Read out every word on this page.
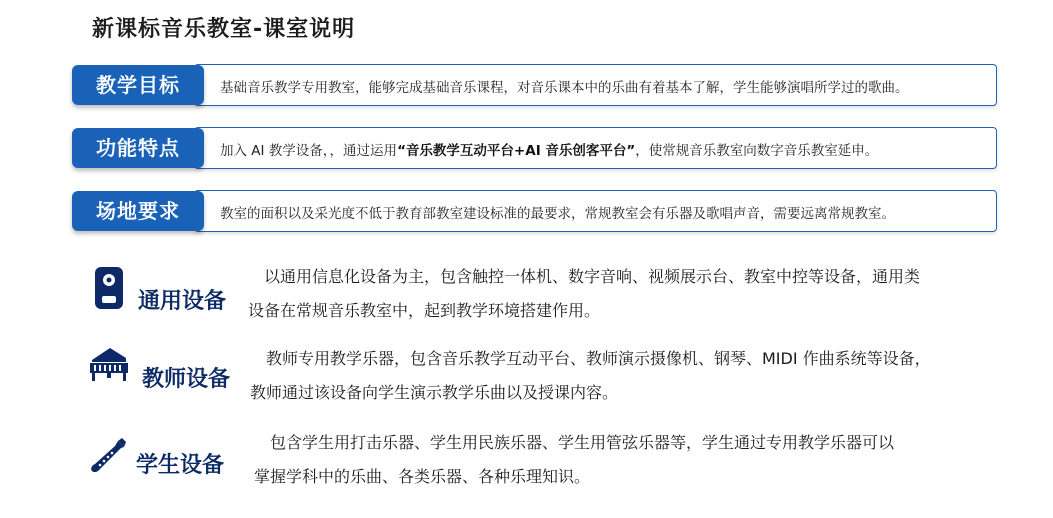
新课标音乐教室-课室说明
基础音乐教学专用教室，能够完成基础音乐课程，对音乐课本中的乐曲有着基本了解，学生能够演唱所学过的歌曲。
教学目标
加入 AI 教学设备，，通过运用“音乐教学互动平台+AI 音乐创客平台”，使常规音乐教室向数字音乐教室延申。
功能特点
教室的面积以及采光度不低于教育部教室建设标准的最要求，常规教室会有乐器及歌唱声音，需要远离常规教室。
场地要求
通用设备
以通用信息化设备为主，包含触控一体机、数字音响、视频展示台、教室中控等设备，通用类
设备在常规音乐教室中，起到教学环境搭建作用。
教师设备
教师专用教学乐器，包含音乐教学互动平台、教师演示摄像机、钢琴、MIDI 作曲系统等设备，
教师通过该设备向学生演示教学乐曲以及授课内容。
学生设备
包含学生用打击乐器、学生用民族乐器、学生用管弦乐器等，学生通过专用教学乐器可以
掌握学科中的乐曲、各类乐器、各种乐理知识。
